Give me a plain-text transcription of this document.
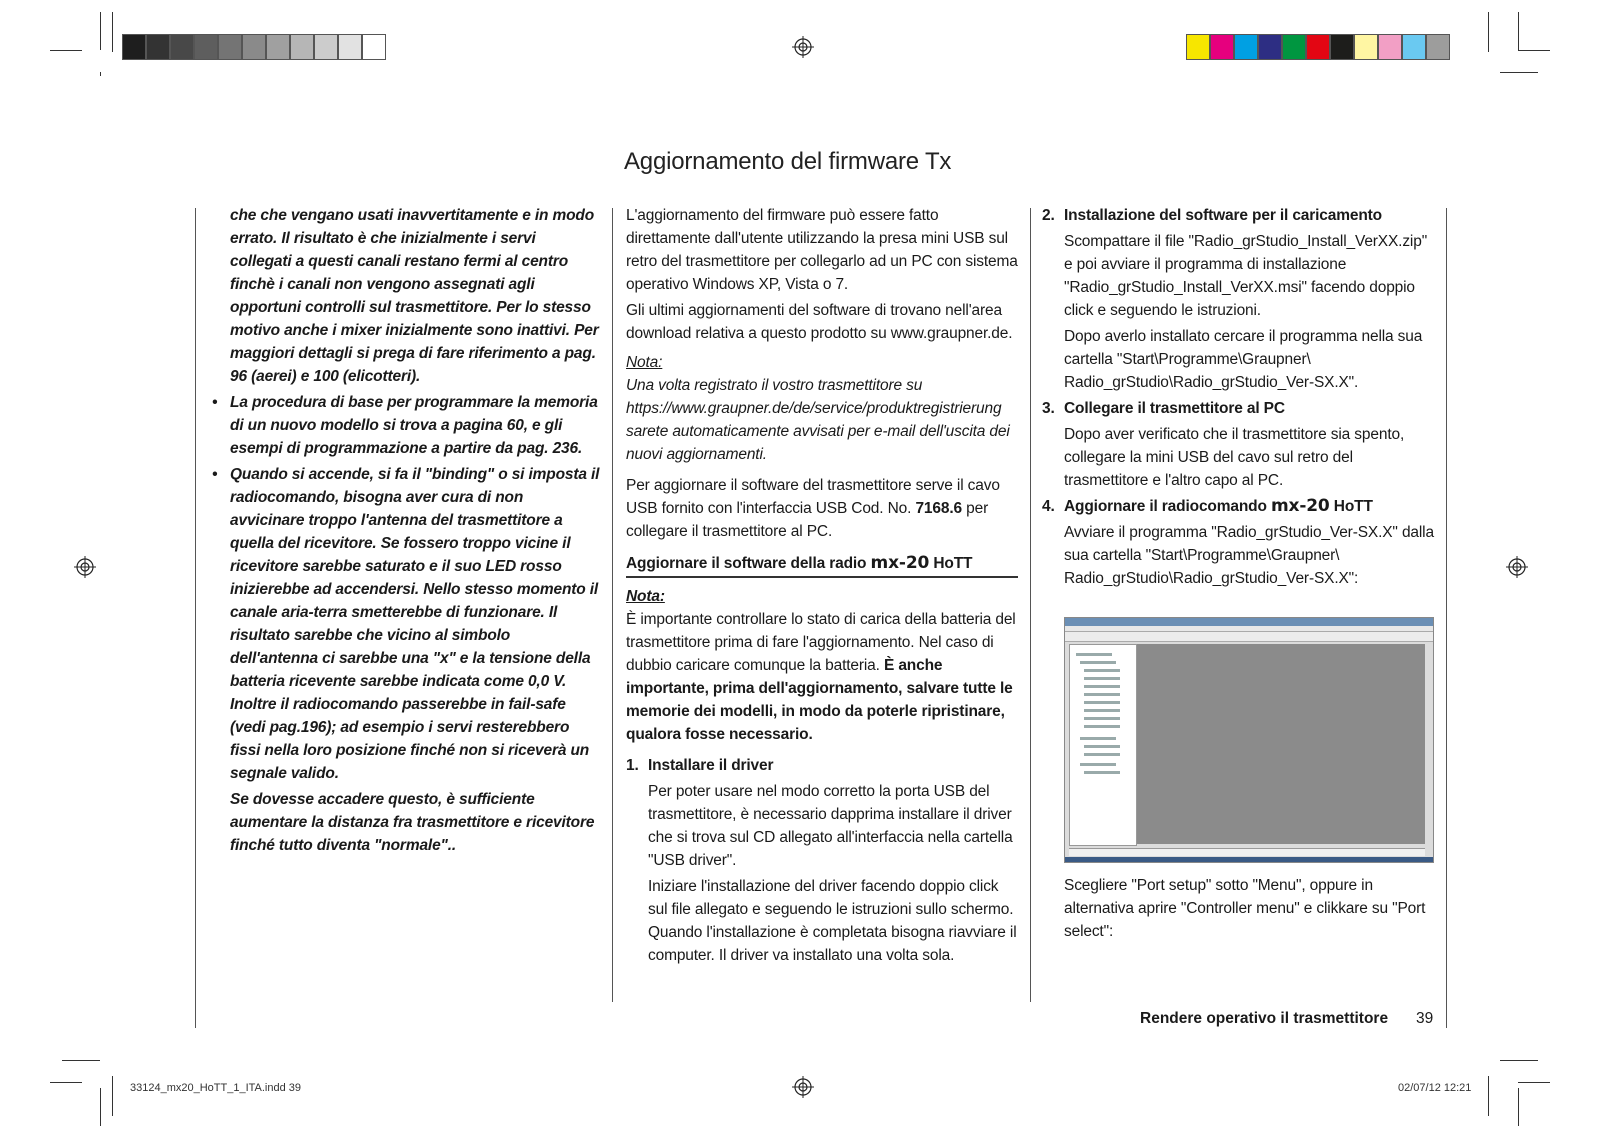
Aggiornamento del firmware Tx

che che vengano usati inavvertitamente e in modo errato. Il risultato è che inizialmente i servi collegati a questi canali restano fermi al centro finchè i canali non vengono assegnati agli opportuni controlli sul trasmettitore. Per lo stesso motivo anche i mixer inizialmente sono inattivi. Per maggiori dettagli si prega di fare riferimento a pag. 96 (aerei) e 100 (elicotteri).

• La procedura di base per programmare la memoria di un nuovo modello si trova a pagina 60, e gli esempi di programmazione a partire da pag. 236.

• Quando si accende, si fa il "binding" o si imposta il radiocomando, bisogna aver cura di non avvicinare troppo l'antenna del trasmettitore a quella del ricevitore. Se fossero troppo vicine il ricevitore sarebbe saturato e il suo LED rosso inizierebbe ad accendersi. Nello stesso momento il canale aria-terra smetterebbe di funzionare. Il risultato sarebbe che vicino al simbolo dell'antenna ci sarebbe una "x" e la tensione della batteria ricevente sarebbe indicata come 0,0 V. Inoltre il radiocomando passerebbe in fail-safe (vedi pag.196); ad esempio i servi resterebbero fissi nella loro posizione finché non si riceverà un segnale valido.

Se dovesse accadere questo, è sufficiente aumentare la distanza fra trasmettitore e ricevitore finché tutto diventa "normale"..

L'aggiornamento del firmware può essere fatto direttamente dall'utente utilizzando la presa mini USB sul retro del trasmettitore per collegarlo ad un PC con sistema operativo Windows XP, Vista o 7.

Gli ultimi aggiornamenti del software di trovano nell'area download relativa a questo prodotto su www.graupner.de.

Nota:

Una volta registrato il vostro trasmettitore su https://www.graupner.de/de/service/produktregistrierung sarete automaticamente avvisati per e-mail dell'uscita dei nuovi aggiornamenti.

Per aggiornare il software del trasmettitore serve il cavo USB fornito con l'interfaccia USB Cod. No. 7168.6 per collegare il trasmettitore al PC.

Aggiornare il software della radio mx-20 HoTT
Nota:

È importante controllare lo stato di carica della batteria del trasmettitore prima di fare l'aggiornamento. Nel caso di dubbio caricare comunque la batteria. È anche importante, prima dell'aggiornamento, salvare tutte le memorie dei modelli, in modo da poterle ripristinare, qualora fosse necessario.

1. Installare il driver

Per poter usare nel modo corretto la porta USB del trasmettitore, è necessario dapprima installare il driver che si trova sul CD allegato all'interfaccia nella cartella "USB driver".

Iniziare l'installazione del driver facendo doppio click sul file allegato e seguendo le istruzioni sullo schermo. Quando l'installazione è completata bisogna riavviare il computer. Il driver va installato una volta sola.

2. Installazione del software per il caricamento

Scompattare il file "Radio_grStudio_Install_VerXX.zip" e poi avviare il programma di installazione "Radio_grStudio_Install_VerXX.msi" facendo doppio click e seguendo le istruzioni.

Dopo averlo installato cercare il programma nella sua cartella "Start\Programme\Graupner\ Radio_grStudio\Radio_grStudio_Ver-SX.X".

3. Collegare il trasmettitore al PC

Dopo aver verificato che il trasmettitore sia spento, collegare la mini USB del cavo sul retro del trasmettitore e l'altro capo al PC.

4. Aggiornare il radiocomando mx-20 HoTT

Avviare il programma "Radio_grStudio_Ver-SX.X" dalla sua cartella "Start\Programme\Graupner\ Radio_grStudio\Radio_grStudio_Ver-SX.X":

Scegliere "Port setup" sotto "Menu", oppure in alternativa aprire "Controller menu" e clikkare su "Port select":
Rendere operativo il trasmettitore 39
33124_mx20_HoTT_1_ITA.indd 39	02/07/12 12:21
